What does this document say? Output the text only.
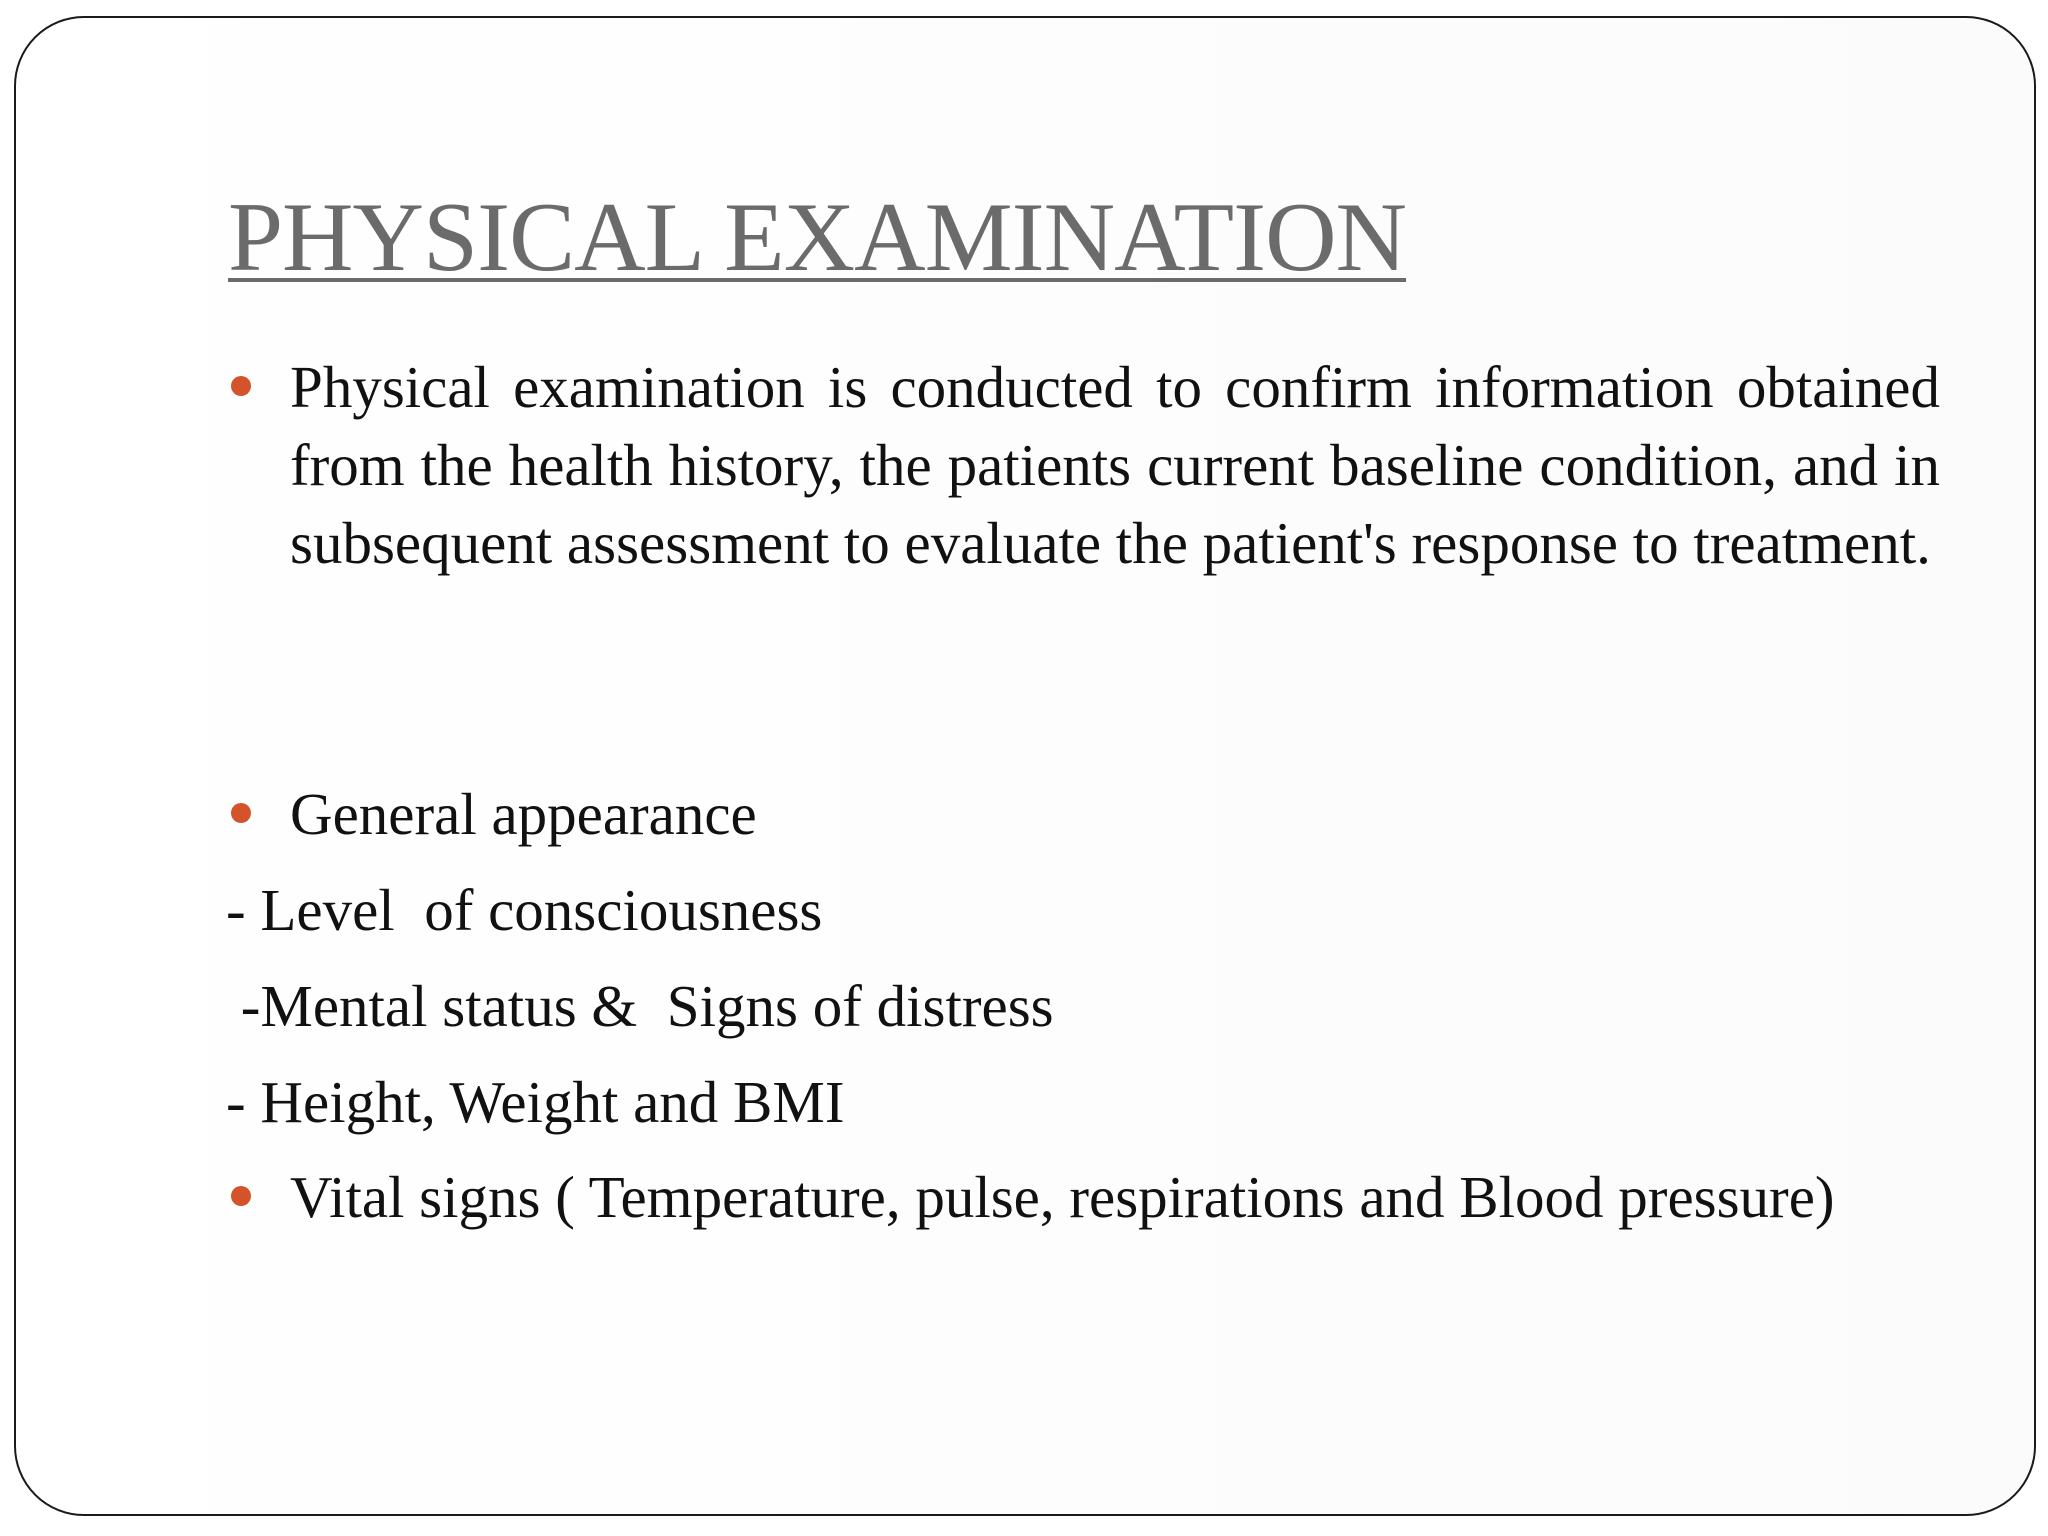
PHYSICAL EXAMINATION

Physical examination is conducted to confirm information obtained from the health history, the patients current baseline condition, and in subsequent assessment to evaluate the patient's response to treatment.

General appearance

- Level  of consciousness

-Mental status &  Signs of distress

- Height, Weight and BMI

Vital signs ( Temperature, pulse, respirations and Blood pressure)
